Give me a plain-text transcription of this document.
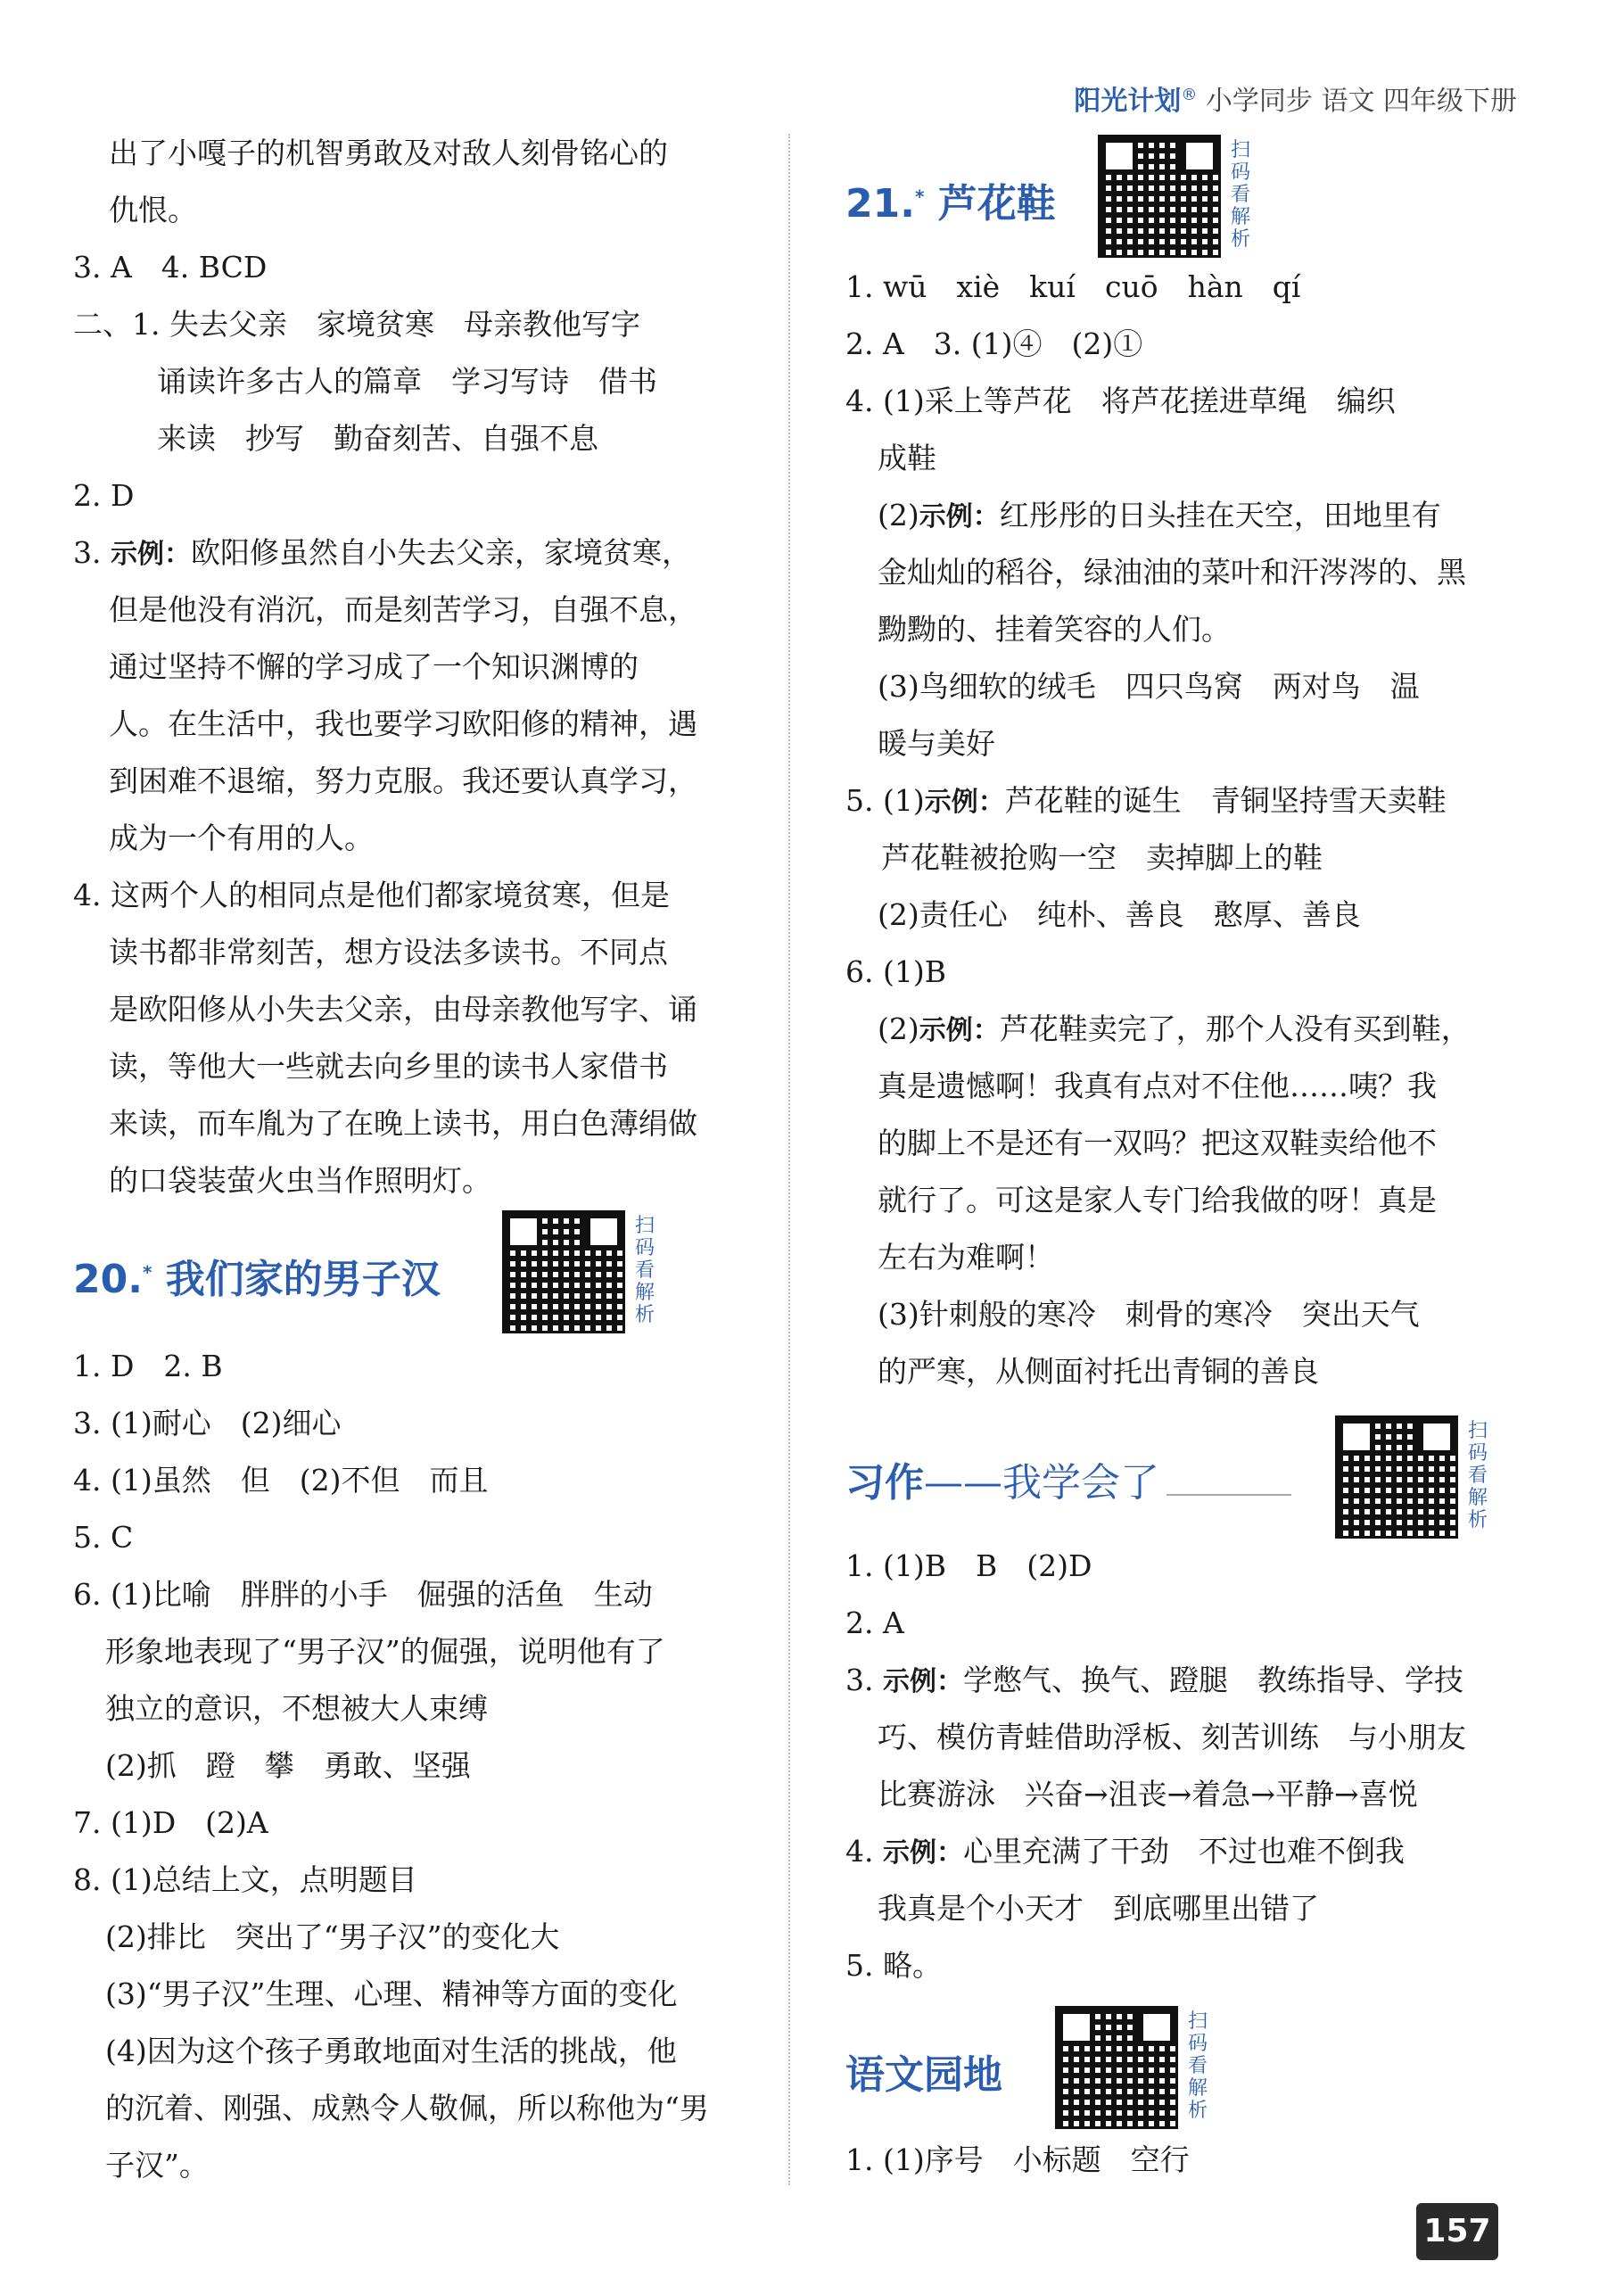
阳光计划® 小学同步 语文 四年级下册
出了小嘎子的机智勇敢及对敌人刻骨铭心的
仇恨。
3. A　4. BCD
二、1. 失去父亲　家境贫寒　母亲教他写字
诵读许多古人的篇章　学习写诗　借书
来读　抄写　勤奋刻苦、自强不息
2. D
3. 示例：欧阳修虽然自小失去父亲，家境贫寒，
但是他没有消沉，而是刻苦学习，自强不息，
通过坚持不懈的学习成了一个知识渊博的
人。在生活中，我也要学习欧阳修的精神，遇
到困难不退缩，努力克服。我还要认真学习，
成为一个有用的人。
4. 这两个人的相同点是他们都家境贫寒，但是
读书都非常刻苦，想方设法多读书。不同点
是欧阳修从小失去父亲，由母亲教他写字、诵
读，等他大一些就去向乡里的读书人家借书
来读，而车胤为了在晚上读书，用白色薄绢做
的口袋装萤火虫当作照明灯。
20.* 我们家的男子汉
扫码看解析
1. D　2. B
3. (1)耐心　(2)细心
4. (1)虽然　但　(2)不但　而且
5. C
6. (1)比喻　胖胖的小手　倔强的活鱼　生动
形象地表现了“男子汉”的倔强，说明他有了
独立的意识，不想被大人束缚
(2)抓　蹬　攀　勇敢、坚强
7. (1)D　(2)A
8. (1)总结上文，点明题目
(2)排比　突出了“男子汉”的变化大
(3)“男子汉”生理、心理、精神等方面的变化
(4)因为这个孩子勇敢地面对生活的挑战，他
的沉着、刚强、成熟令人敬佩，所以称他为“男
子汉”。
21.* 芦花鞋
扫码看解析
1. wū　xiè　kuí　cuō　hàn　qí
2. A　3. (1)④　(2)①
4. (1)采上等芦花　将芦花搓进草绳　编织
成鞋
(2)示例：红彤彤的日头挂在天空，田地里有
金灿灿的稻谷，绿油油的菜叶和汗涔涔的、黑
黝黝的、挂着笑容的人们。
(3)鸟细软的绒毛　四只鸟窝　两对鸟　温
暖与美好
5. (1)示例：芦花鞋的诞生　青铜坚持雪天卖鞋
芦花鞋被抢购一空　卖掉脚上的鞋
(2)责任心　纯朴、善良　憨厚、善良
6. (1)B
(2)示例：芦花鞋卖完了，那个人没有买到鞋，
真是遗憾啊！我真有点对不住他……咦？我
的脚上不是还有一双吗？把这双鞋卖给他不
就行了。可这是家人专门给我做的呀！真是
左右为难啊！
(3)针刺般的寒冷　刺骨的寒冷　突出天气
的严寒，从侧面衬托出青铜的善良
习作——我学会了
扫码看解析
1. (1)B　B　(2)D
2. A
3. 示例：学憋气、换气、蹬腿　教练指导、学技
巧、模仿青蛙借助浮板、刻苦训练　与小朋友
比赛游泳　兴奋→沮丧→着急→平静→喜悦
4. 示例：心里充满了干劲　不过也难不倒我
我真是个小天才　到底哪里出错了
5. 略。
语文园地
扫码看解析
1. (1)序号　小标题　空行
157
